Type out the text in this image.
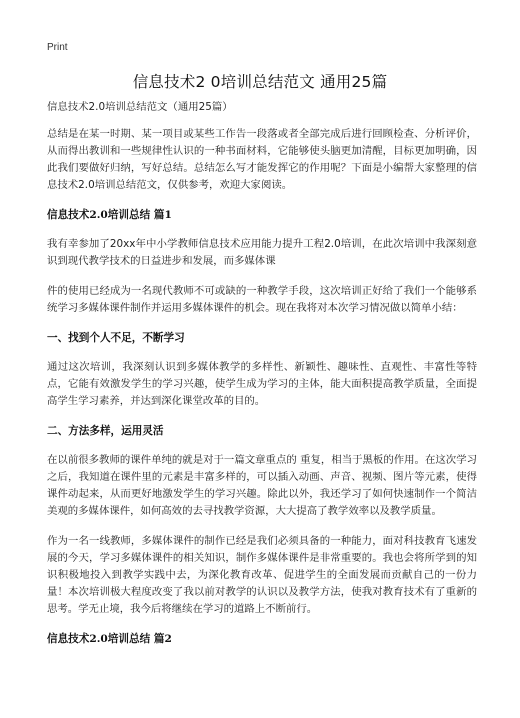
Print
信息技术2 0培训总结范文 通用25篇

信息技术2.0培训总结范文（通用25篇）

总结是在某一时期、某一项目或某些工作告一段落或者全部完成后进行回顾检查、分析评价，从而得出教训和一些规律性认识的一种书面材料，它能够使头脑更加清醒，目标更加明确，因此我们要做好归纳，写好总结。总结怎么写才能发挥它的作用呢？下面是小编帮大家整理的信息技术2.0培训总结范文，仅供参考，欢迎大家阅读。

信息技术2.0培训总结 篇1

我有幸参加了20xx年中小学教师信息技术应用能力提升工程2.0培训，在此次培训中我深刻意识到现代教学技术的日益进步和发展，而多媒体课

件的使用已经成为一名现代教师不可或缺的一种教学手段，这次培训正好给了我们一个能够系统学习多媒体课件制作并运用多媒体课件的机会。现在我将对本次学习情况做以简单小结：

一、找到个人不足，不断学习

通过这次培训，我深刻认识到多媒体教学的多样性、新颖性、趣味性、直观性、丰富性等特点，它能有效激发学生的学习兴趣，使学生成为学习的主体，能大面积提高教学质量，全面提高学生学习素养，并达到深化课堂改革的目的。

二、方法多样，运用灵活

在以前很多教师的课件单纯的就是对于一篇文章重点的 重复，相当于黑板的作用。在这次学习之后，我知道在课件里的元素是丰富多样的，可以插入动画、声音、视频、图片等元素，使得课件动起来，从而更好地激发学生的学习兴趣。除此以外，我还学习了如何快速制作一个简洁美观的多媒体课件，如何高效的去寻找教学资源，大大提高了教学效率以及教学质量。

作为一名一线教师，多媒体课件的制作已经是我们必须具备的一种能力，面对科技教育飞速发展的今天，学习多媒体课件的相关知识，制作多媒体课件是非常重要的。我也会将所学到的知识积极地投入到教学实践中去，为深化教育改革、促进学生的全面发展而贡献自己的一份力量！本次培训极大程度改变了我以前对教学的认识以及教学方法，使我对教育技术有了重新的思考。学无止境，我今后将继续在学习的道路上不断前行。

信息技术2.0培训总结 篇2
